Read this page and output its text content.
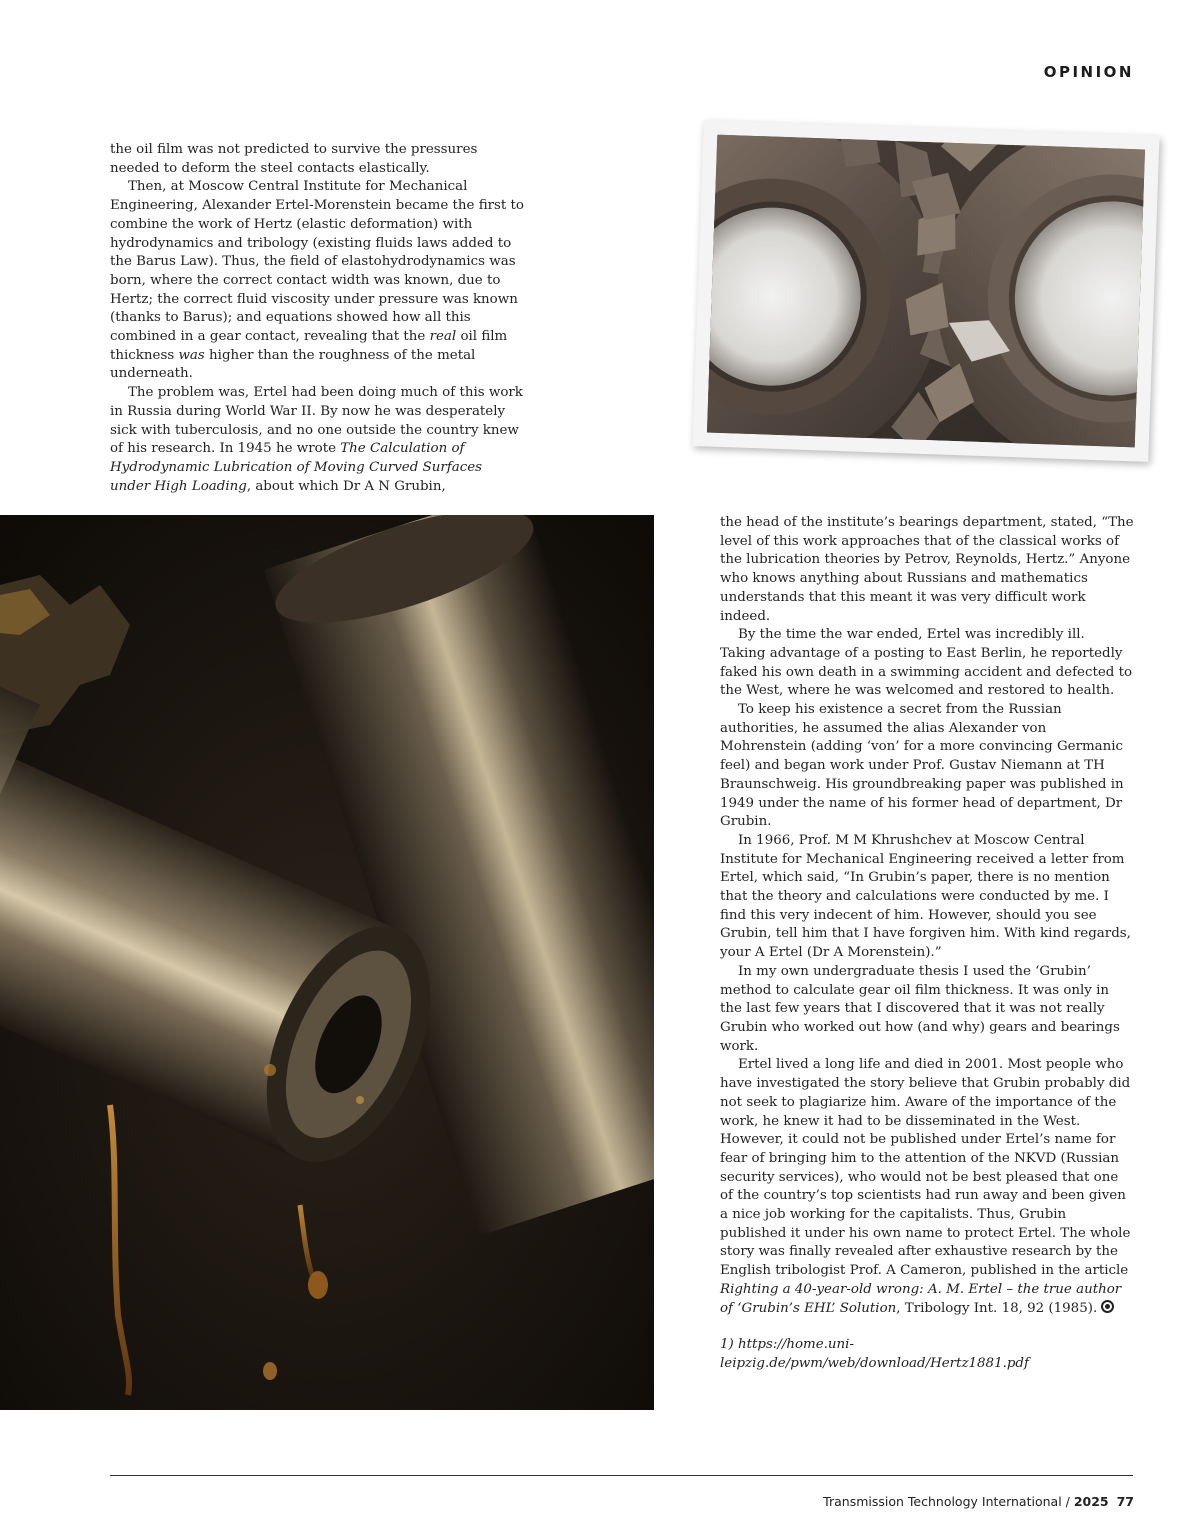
OPINION

the oil film was not predicted to survive the pressures needed to deform the steel contacts elastically.

Then, at Moscow Central Institute for Mechanical Engineering, Alexander Ertel-Morenstein became the first to combine the work of Hertz (elastic deformation) with hydrodynamics and tribology (existing fluids laws added to the Barus Law). Thus, the field of elastohydrodynamics was born, where the correct contact width was known, due to Hertz; the correct fluid viscosity under pressure was known (thanks to Barus); and equations showed how all this combined in a gear contact, revealing that the real oil film thickness was higher than the roughness of the metal underneath.

The problem was, Ertel had been doing much of this work in Russia during World War II. By now he was desperately sick with tuberculosis, and no one outside the country knew of his research. In 1945 he wrote The Calculation of Hydrodynamic Lubrication of Moving Curved Surfaces under High Loading, about which Dr A N Grubin,

the head of the institute’s bearings department, stated, “The level of this work approaches that of the classical works of the lubrication theories by Petrov, Reynolds, Hertz.” Anyone who knows anything about Russians and mathematics understands that this meant it was very difficult work indeed.

By the time the war ended, Ertel was incredibly ill. Taking advantage of a posting to East Berlin, he reportedly faked his own death in a swimming accident and defected to the West, where he was welcomed and restored to health.

To keep his existence a secret from the Russian authorities, he assumed the alias Alexander von Mohrenstein (adding ‘von’ for a more convincing Germanic feel) and began work under Prof. Gustav Niemann at TH Braunschweig. His groundbreaking paper was published in 1949 under the name of his former head of department, Dr Grubin.

In 1966, Prof. M M Khrushchev at Moscow Central Institute for Mechanical Engineering received a letter from Ertel, which said, “In Grubin’s paper, there is no mention that the theory and calculations were conducted by me. I find this very indecent of him. However, should you see Grubin, tell him that I have forgiven him. With kind regards, your A Ertel (Dr A Morenstein).”

In my own undergraduate thesis I used the ‘Grubin’ method to calculate gear oil film thickness. It was only in the last few years that I discovered that it was not really Grubin who worked out how (and why) gears and bearings work.

Ertel lived a long life and died in 2001. Most people who have investigated the story believe that Grubin probably did not seek to plagiarize him. Aware of the importance of the work, he knew it had to be disseminated in the West. However, it could not be published under Ertel’s name for fear of bringing him to the attention of the NKVD (Russian security services), who would not be best pleased that one of the country’s top scientists had run away and been given a nice job working for the capitalists. Thus, Grubin published it under his own name to protect Ertel. The whole story was finally revealed after exhaustive research by the English tribologist Prof. A Cameron, published in the article Righting a 40-year-old wrong: A. M. Ertel – the true author of ‘Grubin’s EHL’ Solution, Tribology Int. 18, 92 (1985).

1) https://home.uni-leipzig.de/pwm/web/download/Hertz1881.pdf

Transmission Technology International / 2025 77
